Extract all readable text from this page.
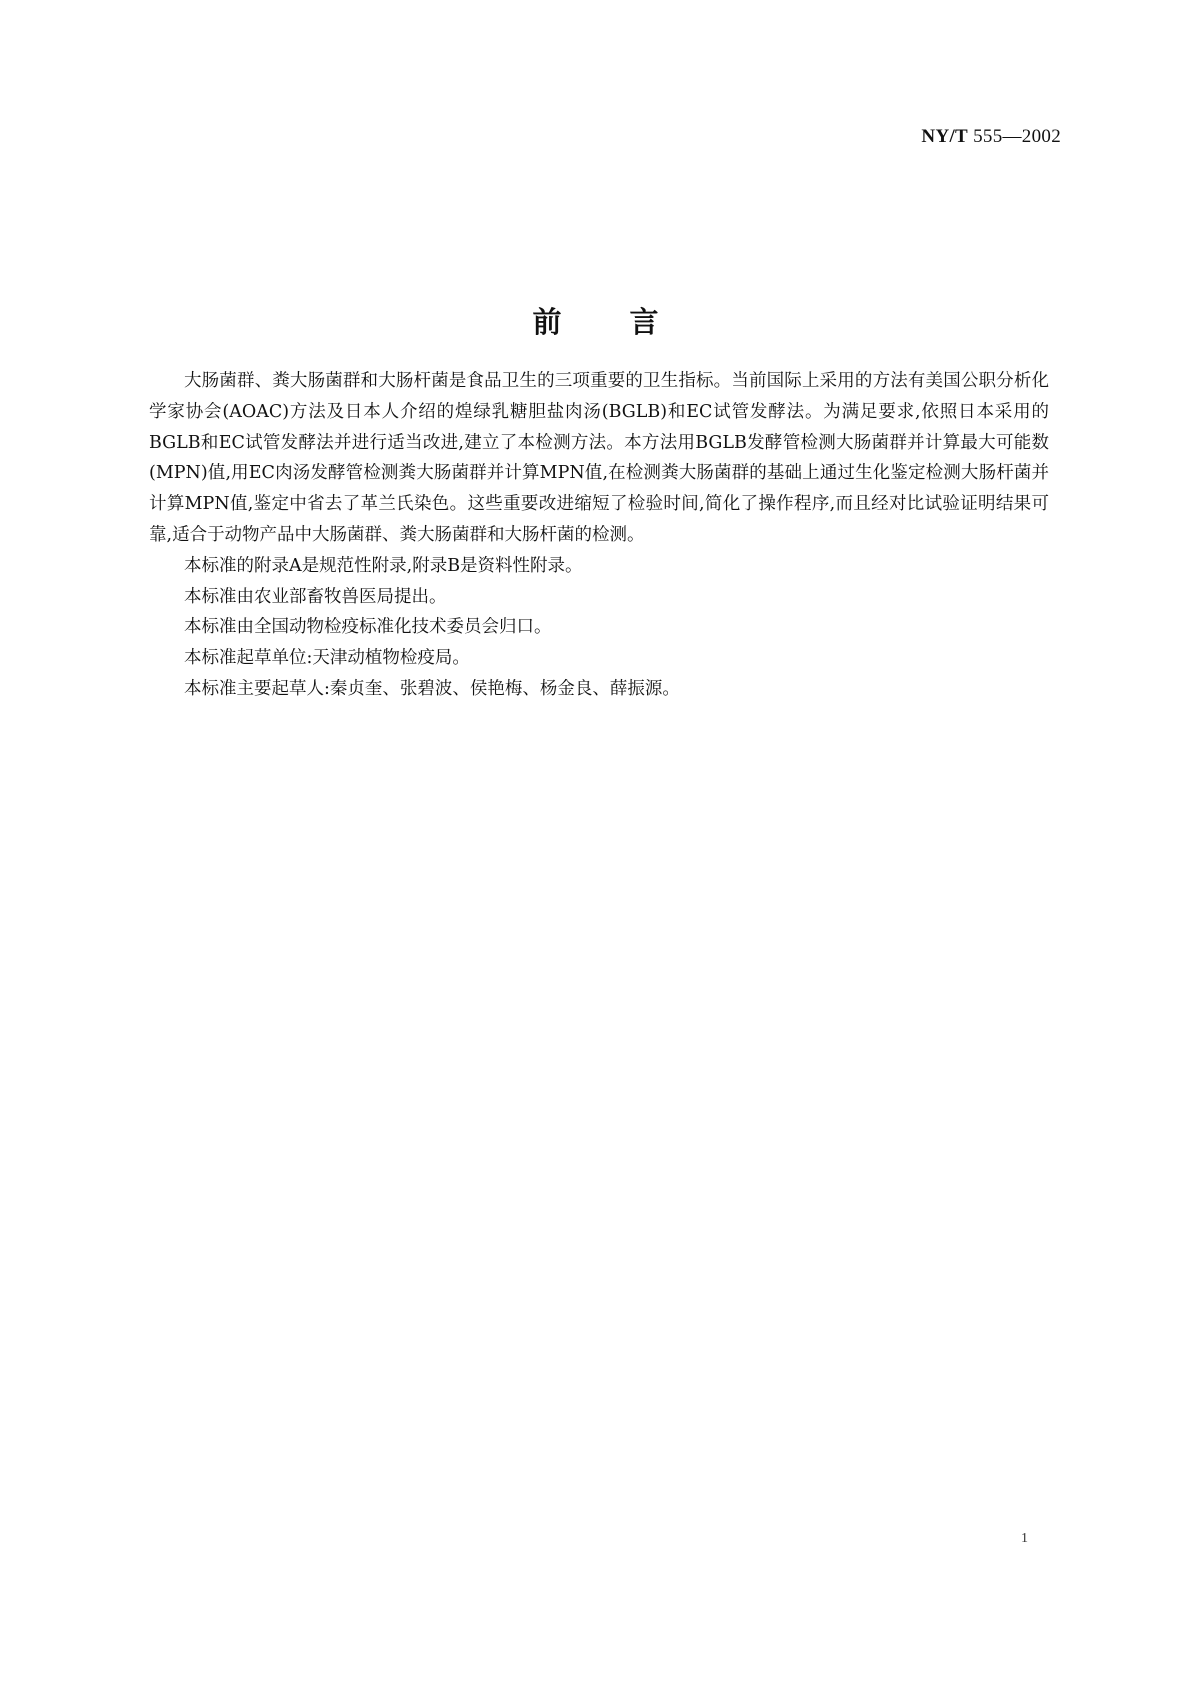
NY/T 555—2002
前言

大肠菌群、粪大肠菌群和大肠杆菌是食品卫生的三项重要的卫生指标。当前国际上采用的方法有美国公职分析化学家协会(AOAC)方法及日本人介绍的煌绿乳糖胆盐肉汤(BGLB)和EC试管发酵法。为满足要求,依照日本采用的BGLB和EC试管发酵法并进行适当改进,建立了本检测方法。本方法用BGLB发酵管检测大肠菌群并计算最大可能数(MPN)值,用EC肉汤发酵管检测粪大肠菌群并计算MPN值,在检测粪大肠菌群的基础上通过生化鉴定检测大肠杆菌并计算MPN值,鉴定中省去了革兰氏染色。这些重要改进缩短了检验时间,简化了操作程序,而且经对比试验证明结果可靠,适合于动物产品中大肠菌群、粪大肠菌群和大肠杆菌的检测。

本标准的附录A是规范性附录,附录B是资料性附录。

本标准由农业部畜牧兽医局提出。

本标准由全国动物检疫标准化技术委员会归口。

本标准起草单位:天津动植物检疫局。

本标准主要起草人:秦贞奎、张碧波、侯艳梅、杨金良、薛振源。

1
